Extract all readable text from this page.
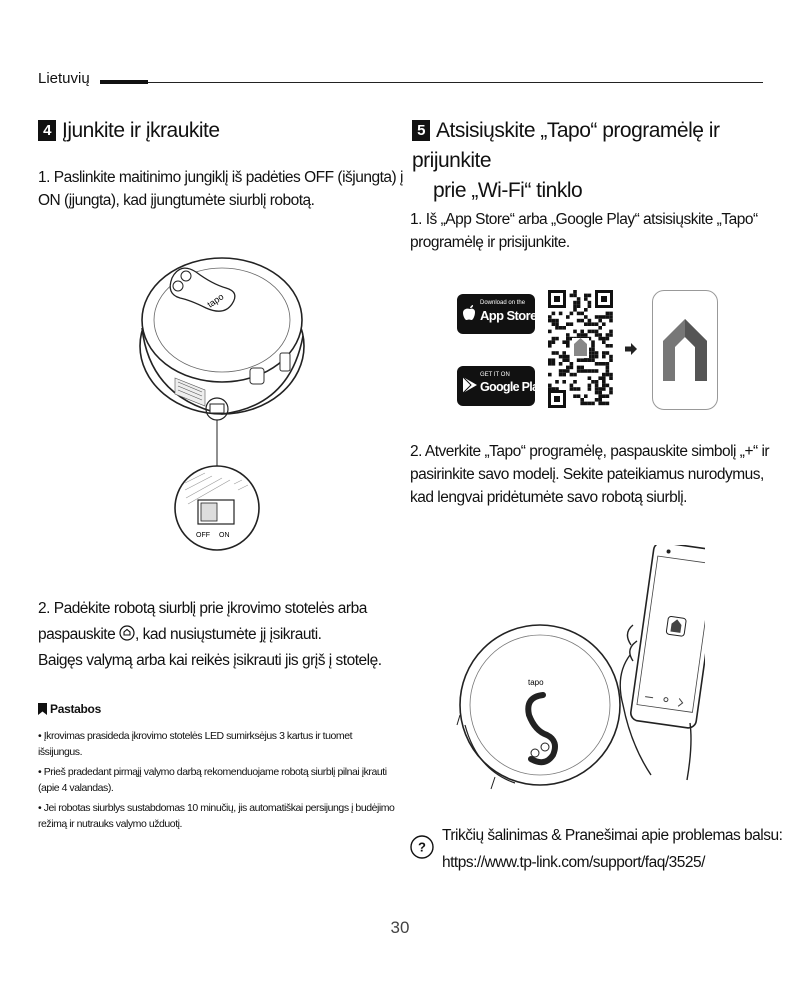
Lietuvių
4 Įjunkite ir įkraukite
1. Paslinkite maitinimo jungiklį iš padėties OFF (išjungta) į
ON (įjungta), kad įjungtumėte siurblį robotą.
tapo
OFF ON
2. Padėkite robotą siurblį prie įkrovimo stotelės arba
paspauskite , kad nusiųstumėte jį įsikrauti.
Baigęs valymą arba kai reikės įsikrauti jis grįš į stotelę.
Pastabos
• Įkrovimas prasideda įkrovimo stotelės LED sumirksėjus 3 kartus ir tuomet
išsijungus.
• Prieš pradedant pirmąjį valymo darbą rekomenduojame robotą siurblį pilnai įkrauti
(apie 4 valandas).
• Jei robotas siurblys sustabdomas 10 minučių, jis automatiškai persijungs į budėjimo
režimą ir nutrauks valymo užduotį.
5 Atsisiųskite „Tapo“ programėlę ir prijunkite
prie „Wi-Fi“ tinklo
1. Iš „App Store“ arba „Google Play“ atsisiųskite „Tapo“
programėlę ir prisijunkite.
Download on the
App Store
GET IT ON
Google Play
2. Atverkite „Tapo“ programėlę, paspauskite simbolį „+“ ir
pasirinkite savo modelį. Sekite pateikiamus nurodymus,
kad lengvai pridėtumėte savo robotą siurblį.
tapo
?
Trikčių šalinimas & Pranešimai apie problemas balsu:
https://www.tp-link.com/support/faq/3525/
30
